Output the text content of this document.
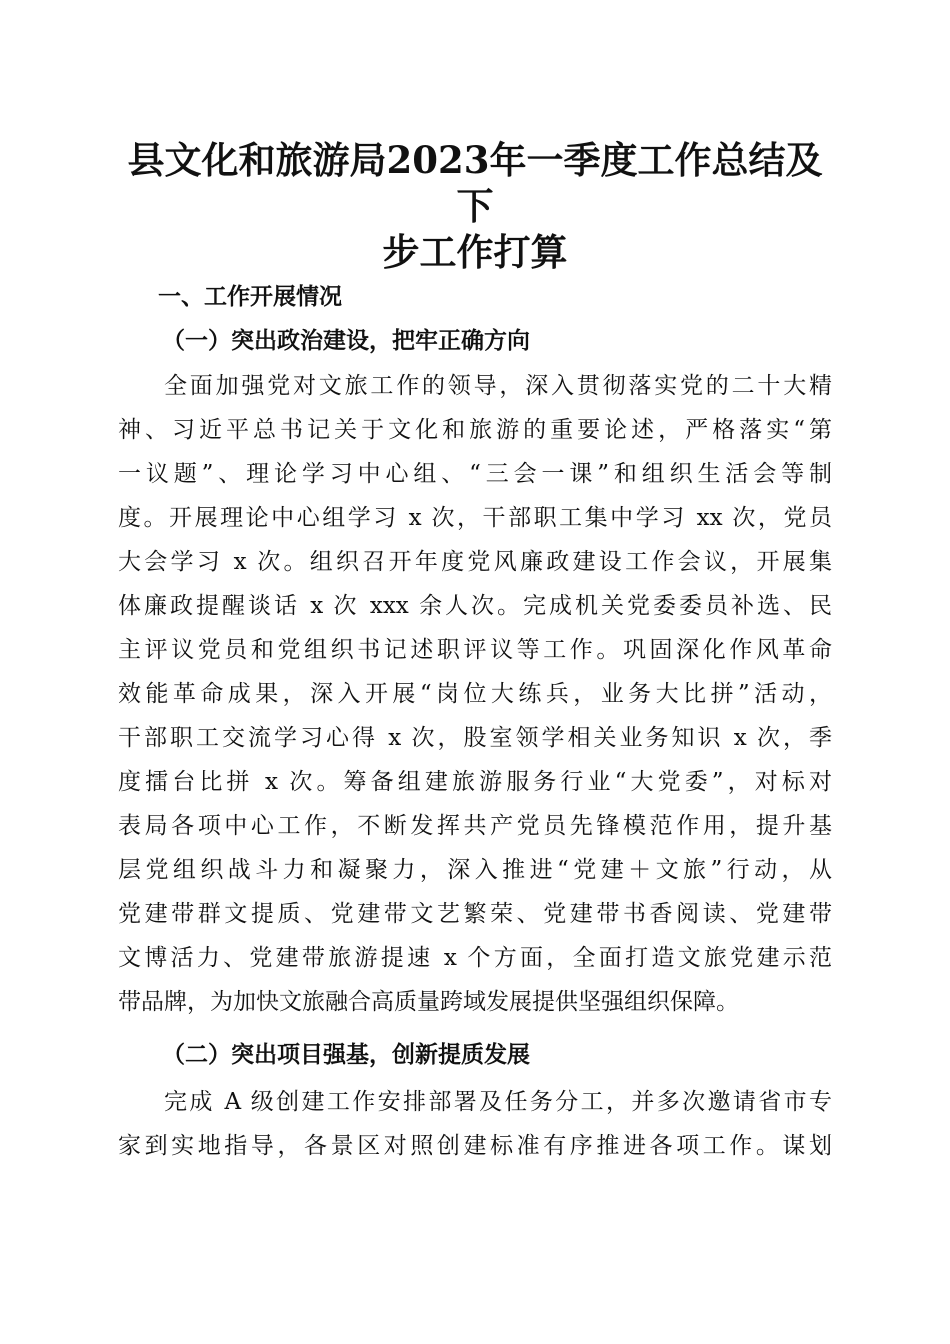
县文化和旅游局2023年一季度工作总结及下
步工作打算
一、工作开展情况
（一）突出政治建设，把牢正确方向
全面加强党对文旅工作的领导，深入贯彻落实党的二十大精
神、习近平总书记关于文化和旅游的重要论述，严格落实“第
一议题”、理论学习中心组、“三会一课”和组织生活会等制
度。开展理论中心组学习 x 次，干部职工集中学习 xx 次，党员
大会学习 x 次。组织召开年度党风廉政建设工作会议，开展集
体廉政提醒谈话 x 次 xxx 余人次。完成机关党委委员补选、民
主评议党员和党组织书记述职评议等工作。巩固深化作风革命
效能革命成果，深入开展“岗位大练兵，业务大比拼”活动，
干部职工交流学习心得 x 次，股室领学相关业务知识 x 次，季
度擂台比拼 x 次。筹备组建旅游服务行业“大党委”，对标对
表局各项中心工作，不断发挥共产党员先锋模范作用，提升基
层党组织战斗力和凝聚力，深入推进“党建＋文旅”行动，从
党建带群文提质、党建带文艺繁荣、党建带书香阅读、党建带
文博活力、党建带旅游提速 x 个方面，全面打造文旅党建示范
带品牌，为加快文旅融合高质量跨域发展提供坚强组织保障。
（二）突出项目强基，创新提质发展
完成 A 级创建工作安排部署及任务分工，并多次邀请省市专
家到实地指导，各景区对照创建标准有序推进各项工作。谋划
